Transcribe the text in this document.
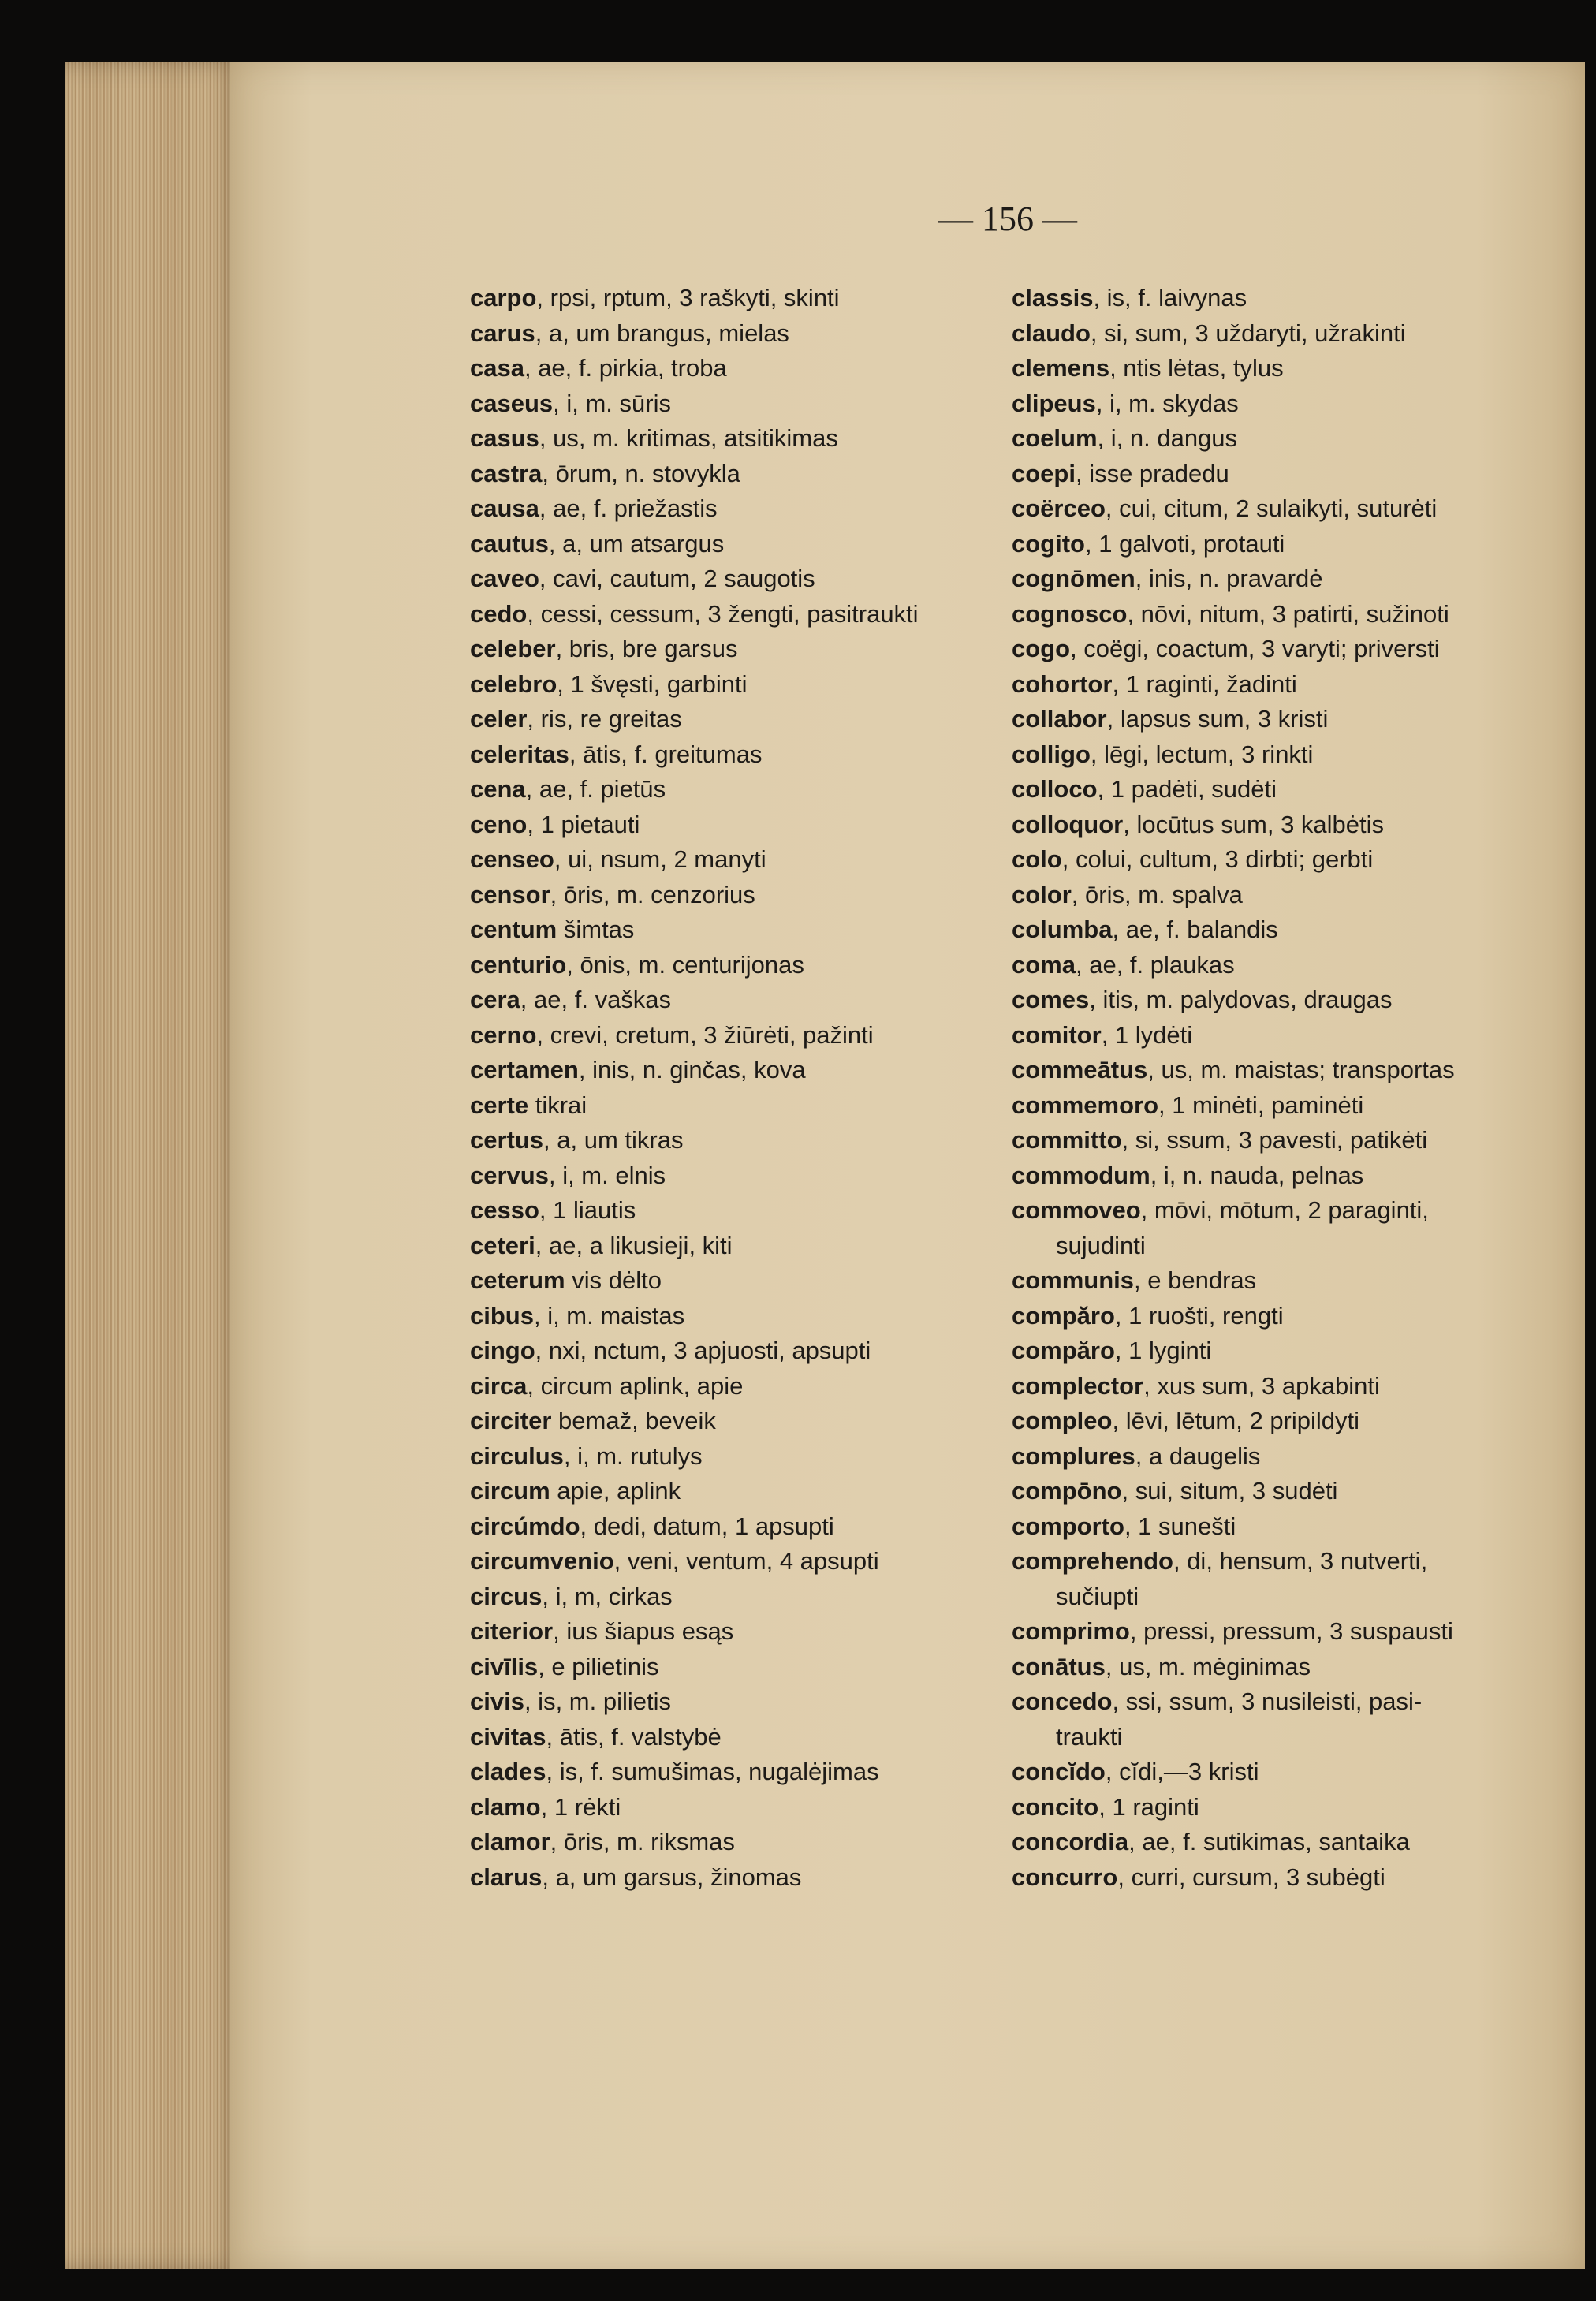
— 156 —
carpo, rpsi, rptum, 3 raškyti, skinti
carus, a, um brangus, mielas
casa, ae, f. pirkia, troba
caseus, i, m. sūris
casus, us, m. kritimas, atsitikimas
castra, ōrum, n. stovykla
causa, ae, f. priežastis
cautus, a, um atsargus
caveo, cavi, cautum, 2 saugotis
cedo, cessi, cessum, 3 žengti, pasitraukti
celeber, bris, bre garsus
celebro, 1 švęsti, garbinti
celer, ris, re greitas
celeritas, ātis, f. greitumas
cena, ae, f. pietūs
ceno, 1 pietauti
censeo, ui, nsum, 2 manyti
censor, ōris, m. cenzorius
centum šimtas
centurio, ōnis, m. centurijonas
cera, ae, f. vaškas
cerno, crevi, cretum, 3 žiūrėti, pažinti
certamen, inis, n. ginčas, kova
certe tikrai
certus, a, um tikras
cervus, i, m. elnis
cesso, 1 liautis
ceteri, ae, a likusieji, kiti
ceterum vis dėlto
cibus, i, m. maistas
cingo, nxi, nctum, 3 apjuosti, apsupti
circa, circum aplink, apie
circiter bemaž, beveik
circulus, i, m. rutulys
circum apie, aplink
circúmdo, dedi, datum, 1 apsupti
circumvenio, veni, ventum, 4 apsupti
circus, i, m, cirkas
citerior, ius šiapus esąs
civīlis, e pilietinis
civis, is, m. pilietis
civitas, ātis, f. valstybė
clades, is, f. sumušimas, nugalėjimas
clamo, 1 rėkti
clamor, ōris, m. riksmas
clarus, a, um garsus, žinomas
classis, is, f. laivynas
claudo, si, sum, 3 uždaryti, užrakinti
clemens, ntis lėtas, tylus
clipeus, i, m. skydas
coelum, i, n. dangus
coepi, isse pradedu
coërceo, cui, citum, 2 sulaikyti, suturėti
cogito, 1 galvoti, protauti
cognōmen, inis, n. pravardė
cognosco, nōvi, nitum, 3 patirti, sužinoti
cogo, coëgi, coactum, 3 varyti; priversti
cohortor, 1 raginti, žadinti
collabor, lapsus sum, 3 kristi
colligo, lēgi, lectum, 3 rinkti
colloco, 1 padėti, sudėti
colloquor, locūtus sum, 3 kalbėtis
colo, colui, cultum, 3 dirbti; gerbti
color, ōris, m. spalva
columba, ae, f. balandis
coma, ae, f. plaukas
comes, itis, m. palydovas, draugas
comitor, 1 lydėti
commeātus, us, m. maistas; transportas
commemoro, 1 minėti, paminėti
committo, si, ssum, 3 pavesti, patikėti
commodum, i, n. nauda, pelnas
commoveo, mōvi, mōtum, 2 paraginti,
sujudinti
communis, e bendras
compăro, 1 ruošti, rengti
compăro, 1 lyginti
complector, xus sum, 3 apkabinti
compleo, lēvi, lētum, 2 pripildyti
complures, a daugelis
compōno, sui, situm, 3 sudėti
comporto, 1 sunešti
comprehendo, di, hensum, 3 nutverti,
sučiupti
comprimo, pressi, pressum, 3 suspausti
conātus, us, m. mėginimas
concedo, ssi, ssum, 3 nusileisti, pasi-
traukti
concĭdo, cĭdi,—3 kristi
concito, 1 raginti
concordia, ae, f. sutikimas, santaika
concurro, curri, cursum, 3 subėgti
